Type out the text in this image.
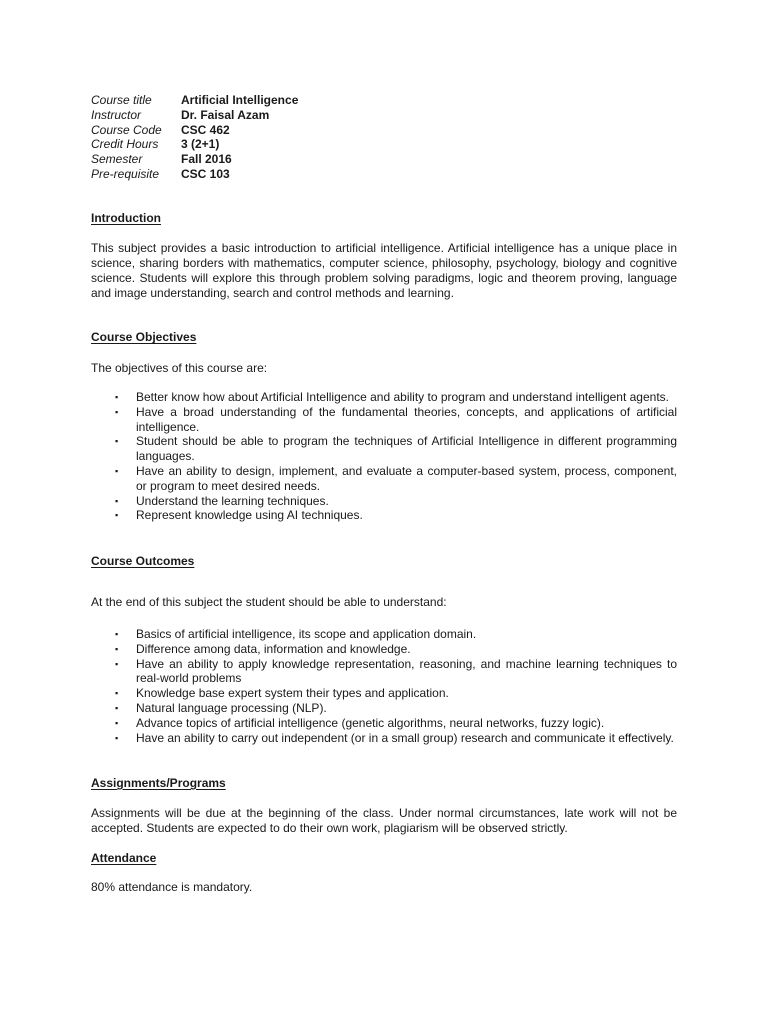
Course title	Artificial Intelligence
Instructor	Dr. Faisal Azam
Course Code	CSC 462
Credit Hours	3 (2+1)
Semester	Fall 2016
Pre-requisite	CSC 103
Introduction
This subject provides a basic introduction to artificial intelligence. Artificial intelligence has a unique place in science, sharing borders with mathematics, computer science, philosophy, psychology, biology and cognitive science. Students will explore this through problem solving paradigms, logic and theorem proving, language and image understanding, search and control methods and learning.
Course Objectives
The objectives of this course are:
▪ Better know how about Artificial Intelligence and ability to program and understand intelligent agents.
▪ Have a broad understanding of the fundamental theories, concepts, and applications of artificial intelligence.
▪ Student should be able to program the techniques of Artificial Intelligence in different programming languages.
▪ Have an ability to design, implement, and evaluate a computer-based system, process, component, or program to meet desired needs.
▪ Understand the learning techniques.
▪ Represent knowledge using AI techniques.
Course Outcomes
At the end of this subject the student should be able to understand:
▪ Basics of artificial intelligence, its scope and application domain.
▪ Difference among data, information and knowledge.
▪ Have an ability to apply knowledge representation, reasoning, and machine learning techniques to real-world problems
▪ Knowledge base expert system their types and application.
▪ Natural language processing (NLP).
▪ Advance topics of artificial intelligence (genetic algorithms, neural networks, fuzzy logic).
▪ Have an ability to carry out independent (or in a small group) research and communicate it effectively.
Assignments/Programs
Assignments will be due at the beginning of the class. Under normal circumstances, late work will not be accepted. Students are expected to do their own work, plagiarism will be observed strictly.
Attendance
80% attendance is mandatory.
